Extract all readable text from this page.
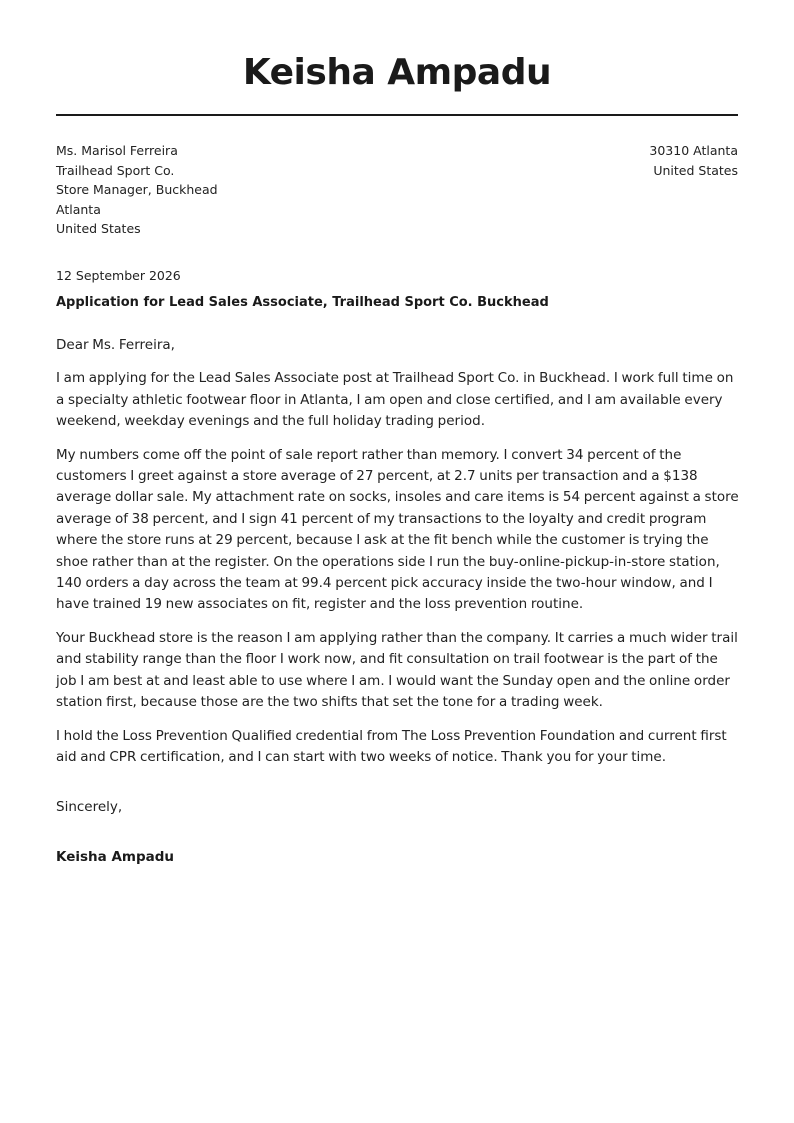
Keisha Ampadu
Ms. Marisol Ferreira
Trailhead Sport Co.
Store Manager, Buckhead
Atlanta
United States
30310 Atlanta
United States
12 September 2026
Application for Lead Sales Associate, Trailhead Sport Co. Buckhead

Dear Ms. Ferreira,

I am applying for the Lead Sales Associate post at Trailhead Sport Co. in Buckhead. I work full time on a specialty athletic footwear floor in Atlanta, I am open and close certified, and I am available every weekend, weekday evenings and the full holiday trading period.

My numbers come off the point of sale report rather than memory. I convert 34 percent of the customers I greet against a store average of 27 percent, at 2.7 units per transaction and a $138 average dollar sale. My attachment rate on socks, insoles and care items is 54 percent against a store average of 38 percent, and I sign 41 percent of my transactions to the loyalty and credit program where the store runs at 29 percent, because I ask at the fit bench while the customer is trying the shoe rather than at the register. On the operations side I run the buy-online-pickup-in-store station, 140 orders a day across the team at 99.4 percent pick accuracy inside the two-hour window, and I have trained 19 new associates on fit, register and the loss prevention routine.

Your Buckhead store is the reason I am applying rather than the company. It carries a much wider trail and stability range than the floor I work now, and fit consultation on trail footwear is the part of the job I am best at and least able to use where I am. I would want the Sunday open and the online order station first, because those are the two shifts that set the tone for a trading week.

I hold the Loss Prevention Qualified credential from The Loss Prevention Foundation and current first aid and CPR certification, and I can start with two weeks of notice. Thank you for your time.

Sincerely,
Keisha Ampadu
